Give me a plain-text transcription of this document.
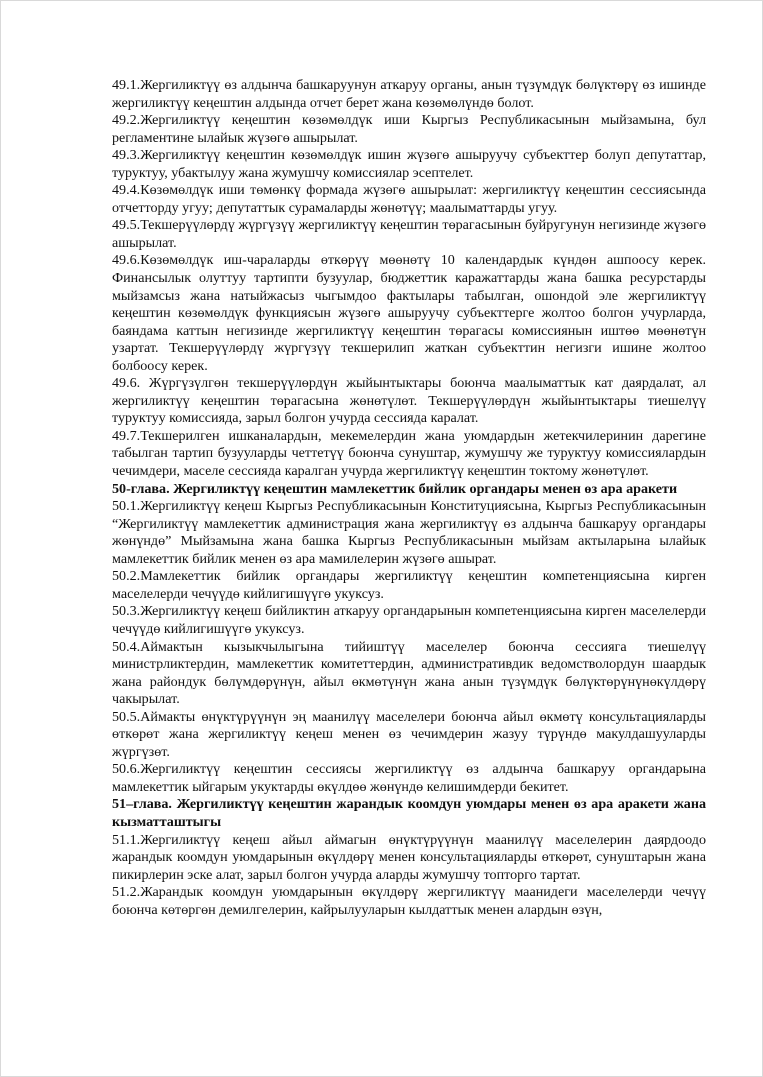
49.1.Жергиликтүү өз алдынча башкаруунун аткаруу органы, анын түзүмдүк бөлүктөрү өз ишинде жергиликтүү кеңештин алдында отчет берет жана көзөмөлүндө болот.

49.2.Жергиликтүү кеңештин көзөмөлдүк иши Кыргыз Республикасынын мыйзамына, бул регламентине ылайык жүзөгө ашырылат.

49.3.Жергиликтүү кеңештин көзөмөлдүк ишин жүзөгө ашыруучу субъекттер болуп депутаттар, туруктуу, убактылуу жана жумушчу комиссиялар эсептелет.

49.4.Көзөмөлдүк иши төмөнкү формада жүзөгө ашырылат: жергиликтүү кеңештин сессиясында отчетторду угуу; депутаттык сурамаларды жөнөтүү; маалыматтарды угуу.

49.5.Текшерүүлөрдү жүргүзүү жергиликтүү кеңештин төрагасынын буйругунун негизинде жүзөгө ашырылат.

49.6.Көзөмөлдүк иш-чараларды өткөрүү мөөнөтү 10 календардык күндөн ашпоосу керек. Финансылык олуттуу тартипти бузуулар, бюджеттик каражаттарды жана башка ресурстарды мыйзамсыз жана натыйжасыз чыгымдоо фактылары табылган, ошондой эле жергиликтүү кеңештин көзөмөлдүк функциясын жүзөгө ашыруучу субъекттерге жолтоо болгон учурларда, баяндама каттын негизинде жергиликтүү кеңештин төрагасы комиссиянын иштөө мөөнөтүн узартат. Текшерүүлөрдү жүргүзүү текшерилип жаткан субъекттин негизги ишине жолтоо болбоосу керек.

49.6. Жүргүзүлгөн текшерүүлөрдүн жыйынтыктары боюнча маалыматтык кат даярдалат, ал жергиликтүү кеңештин төрагасына жөнөтүлөт. Текшерүүлөрдүн жыйынтыктары тиешелүү туруктуу комиссияда, зарыл болгон учурда сессияда каралат.

49.7.Текшерилген ишканалардын, мекемелердин жана уюмдардын жетекчилеринин дарегине табылган тартип бузууларды четтетүү боюнча сунуштар, жумушчу же туруктуу комиссиялардын чечимдери, маселе сессияда каралган учурда жергиликтүү кеңештин токтому жөнөтүлөт.

50-глава. Жергиликтүү кеңештин мамлекеттик бийлик органдары менен өз ара аракети

50.1.Жергиликтүү кеңеш Кыргыз Республикасынын Конституциясына, Кыргыз Республикасынын “Жергиликтүү мамлекеттик администрация жана жергиликтүү өз алдынча башкаруу органдары жөнүндө” Мыйзамына жана башка Кыргыз Республикасынын мыйзам актыларына ылайык мамлекеттик бийлик менен өз ара мамилелерин жүзөгө ашырат.

50.2.Мамлекеттик бийлик органдары жергиликтүү кеңештин компетенциясына кирген маселелерди чечүүдө кийлигишүүгө укуксуз.

50.3.Жергиликтүү кеңеш бийликтин аткаруу органдарынын компетенциясына кирген маселелерди чечүүдө кийлигишүүгө укуксуз.

50.4.Аймактын кызыкчылыгына тийиштүү маселелер боюнча сессияга тиешелүү министрликтердин, мамлекеттик комитеттердин, административдик ведомстволордун шаардык жана райондук бөлүмдөрүнүн, айыл өкмөтүнүн жана анын түзүмдүк бөлүктөрүнүнөкүлдөрү чакырылат.

50.5.Аймакты өнүктүрүүнүн эң маанилүү маселелери боюнча айыл өкмөтү консультацияларды өткөрөт жана жергиликтүү кеңеш менен өз чечимдерин жазуу түрүндө макулдашууларды жүргүзөт.

50.6.Жергиликтүү кеңештин сессиясы жергиликтүү өз алдынча башкаруу органдарына мамлекеттик ыйгарым укуктарды өкүлдөө жөнүндө келишимдерди бекитет.

51–глава. Жергиликтүү кеңештин жарандык коомдун уюмдары менен өз ара аракети жана кызматташтыгы

51.1.Жергиликтүү кеңеш айыл аймагын өнүктүрүүнүн маанилүү маселелерин даярдоодо жарандык коомдун уюмдарынын өкүлдөрү менен консультацияларды өткөрөт, сунуштарын жана пикирлерин эске алат, зарыл болгон учурда аларды жумушчу топторго тартат.

51.2.Жарандык коомдун уюмдарынын өкүлдөрү жергиликтүү маанидеги маселелерди чечүү боюнча көтөргөн демилгелерин, кайрылууларын кылдаттык менен алардын өзүн,
